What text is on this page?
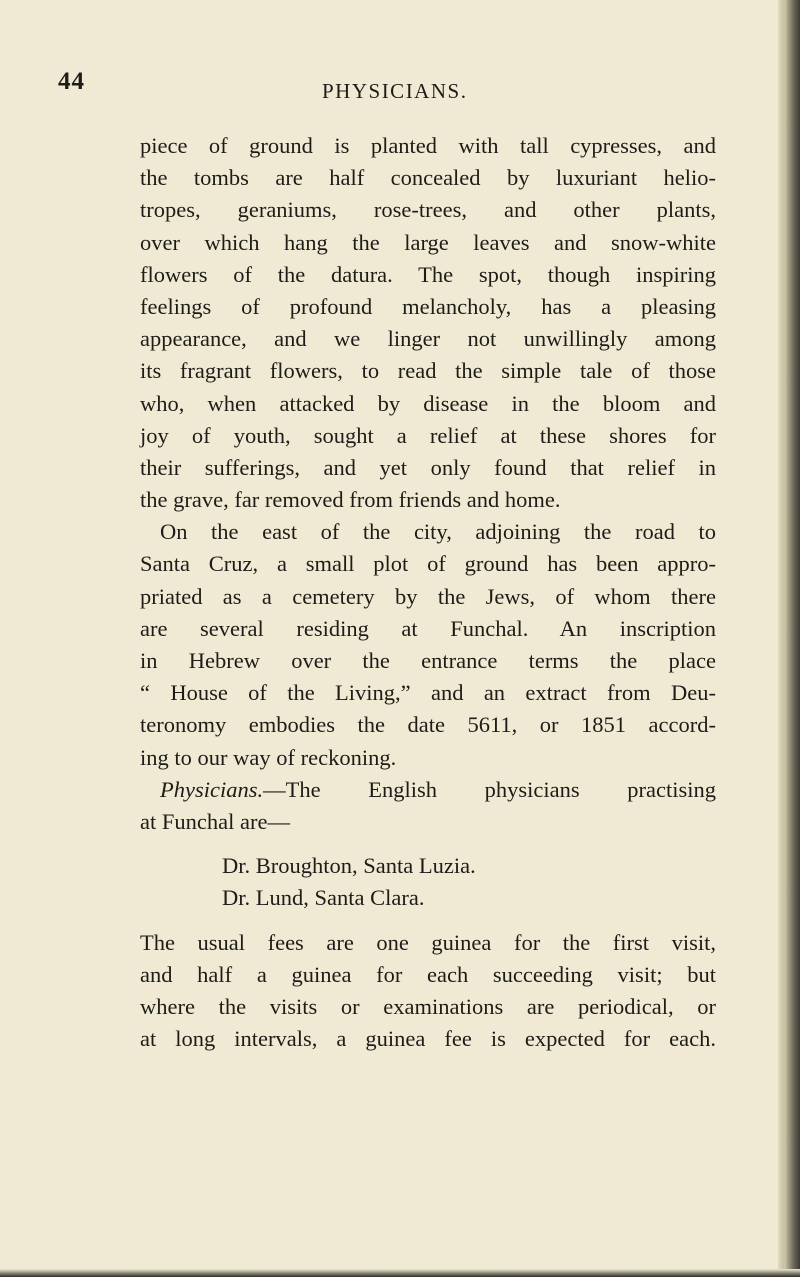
44	PHYSICIANS.
piece of ground is planted with tall cypresses, and
the tombs are half concealed by luxuriant helio-
tropes, geraniums, rose-trees, and other plants,
over which hang the large leaves and snow-white
flowers of the datura. The spot, though inspiring
feelings of profound melancholy, has a pleasing
appearance, and we linger not unwillingly among
its fragrant flowers, to read the simple tale of those
who, when attacked by disease in the bloom and
joy of youth, sought a relief at these shores for
their sufferings, and yet only found that relief in
the grave, far removed from friends and home.
On the east of the city, adjoining the road to
Santa Cruz, a small plot of ground has been appro-
priated as a cemetery by the Jews, of whom there
are several residing at Funchal. An inscription
in Hebrew over the entrance terms the place
“ House of the Living,” and an extract from Deu-
teronomy embodies the date 5611, or 1851 accord-
ing to our way of reckoning.
Physicians.—The English physicians practising
at Funchal are—
Dr. Broughton, Santa Luzia.
Dr. Lund, Santa Clara.
The usual fees are one guinea for the first visit,
and half a guinea for each succeeding visit; but
where the visits or examinations are periodical, or
at long intervals, a guinea fee is expected for each.
